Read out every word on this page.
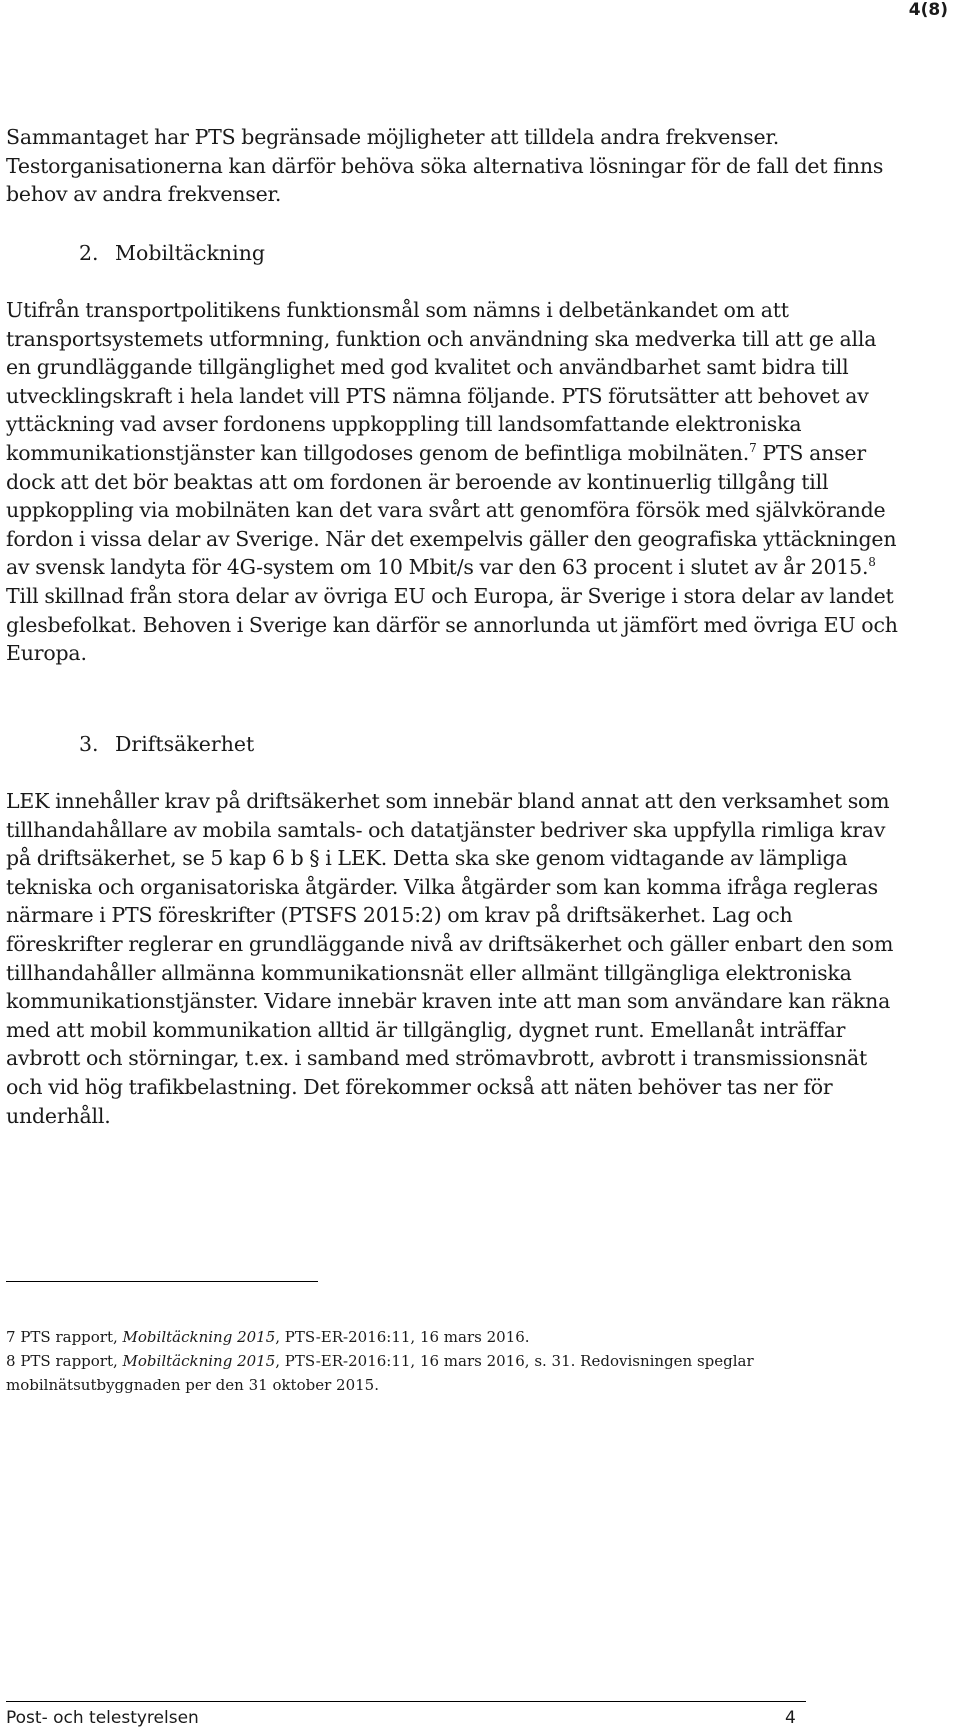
4(8)

Sammantaget har PTS begränsade möjligheter att tilldela andra frekvenser. Testorganisationerna kan därför behöva söka alternativa lösningar för de fall det finns behov av andra frekvenser.

2. Mobiltäckning

Utifrån transportpolitikens funktionsmål som nämns i delbetänkandet om att transportsystemets utformning, funktion och användning ska medverka till att ge alla en grundläggande tillgänglighet med god kvalitet och användbarhet samt bidra till utvecklingskraft i hela landet vill PTS nämna följande. PTS förutsätter att behovet av yttäckning vad avser fordonens uppkoppling till landsomfattande elektroniska kommunikationstjänster kan tillgodoses genom de befintliga mobilnäten.$^7$ PTS anser dock att det bör beaktas att om fordonen är beroende av kontinuerlig tillgång till uppkoppling via mobilnäten kan det vara svårt att genomföra försök med självkörande fordon i vissa delar av Sverige. När det exempelvis gäller den geografiska yttäckningen av svensk landyta för 4G-system om 10 Mbit/s var den 63 procent i slutet av år 2015.$^8$ Till skillnad från stora delar av övriga EU och Europa, är Sverige i stora delar av landet glesbefolkat. Behoven i Sverige kan därför se annorlunda ut jämfört med övriga EU och Europa.

3. Driftsäkerhet

LEK innehåller krav på driftsäkerhet som innebär bland annat att den verksamhet som tillhandahållare av mobila samtals- och datatjänster bedriver ska uppfylla rimliga krav på driftsäkerhet, se 5 kap 6 b § i LEK. Detta ska ske genom vidtagande av lämpliga tekniska och organisatoriska åtgärder. Vilka åtgärder som kan komma ifråga regleras närmare i PTS föreskrifter (PTSFS 2015:2) om krav på driftsäkerhet. Lag och föreskrifter reglerar en grundläggande nivå av driftsäkerhet och gäller enbart den som tillhandahåller allmänna kommunikationsnät eller allmänt tillgängliga elektroniska kommunikationstjänster. Vidare innebär kraven inte att man som användare kan räkna med att mobil kommunikation alltid är tillgänglig, dygnet runt. Emellanåt inträffar avbrott och störningar, t.ex. i samband med strömavbrott, avbrott i transmissionsnät och vid hög trafikbelastning. Det förekommer också att näten behöver tas ner för underhåll.

7 PTS rapport, Mobiltäckning 2015, PTS-ER-2016:11, 16 mars 2016.

8 PTS rapport, Mobiltäckning 2015, PTS-ER-2016:11, 16 mars 2016, s. 31. Redovisningen speglar mobilnätsutbyggnaden per den 31 oktober 2015.

Post- och telestyrelsen	4
